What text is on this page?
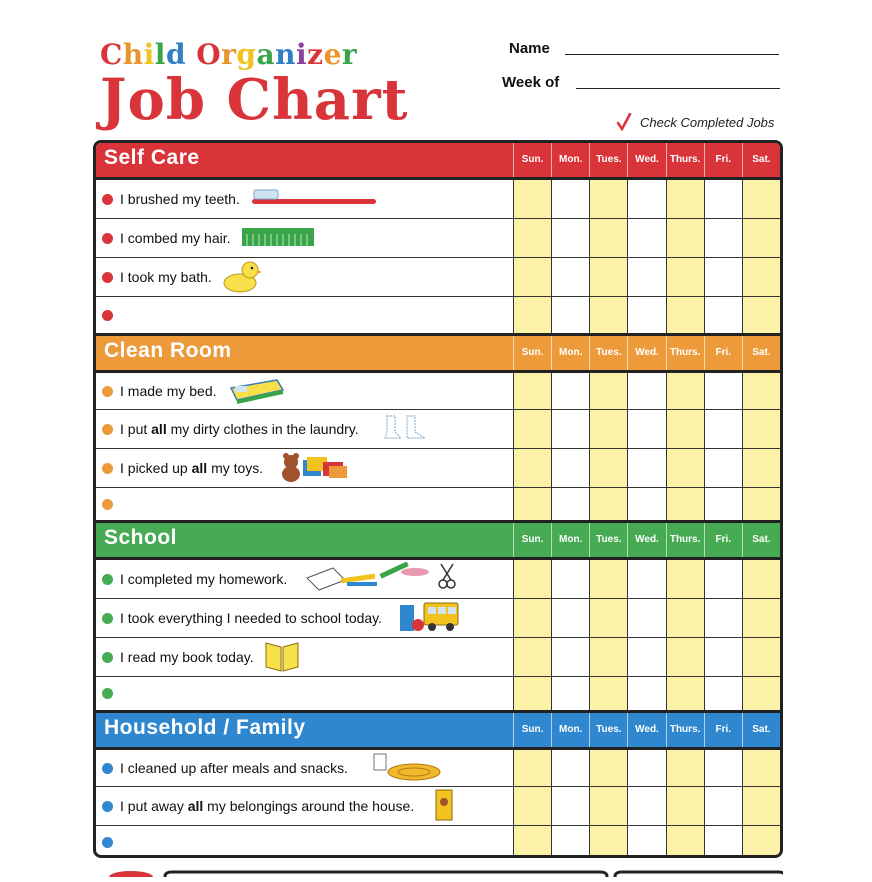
Child Organizer
Job Chart
Name
Week of
Check Completed Jobs
Self Care	Sun.	Mon.	Tues.	Wed.	Thurs.	Fri.	Sat.
I brushed my teeth.
I combed my hair.
I took my bath.
Clean Room	Sun.	Mon.	Tues.	Wed.	Thurs.	Fri.	Sat.
I made my bed.
I put all my dirty clothes in the laundry.
I picked up all my toys.
School	Sun.	Mon.	Tues.	Wed.	Thurs.	Fri.	Sat.
I completed my homework.
I took everything I needed to school today.
I read my book today.
Household / Family	Sun.	Mon.	Tues.	Wed.	Thurs.	Fri.	Sat.
I cleaned up after meals and snacks.
I put away all my belongings around the house.
